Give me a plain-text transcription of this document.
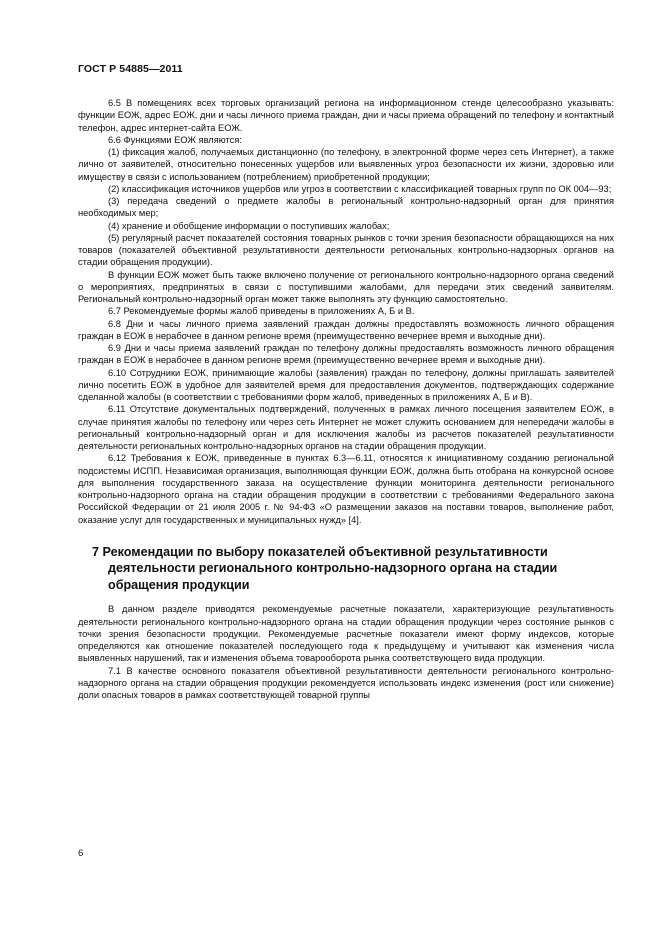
ГОСТ Р 54885—2011

6.5 В помещениях всех торговых организаций региона на информационном стенде целесообразно указывать: функции ЕОЖ, адрес ЕОЖ, дни и часы личного приема граждан, дни и часы приема обращений по телефону и контактный телефон, адрес интернет-сайта ЕОЖ.

6.6 Функциями ЕОЖ являются:

(1) фиксация жалоб, получаемых дистанционно (по телефону, в электронной форме через сеть Интернет), а также лично от заявителей, относительно понесенных ущербов или выявленных угроз безопасности их жизни, здоровью или имуществу в связи с использованием (потреблением) приобретенной продукции;

(2) классификация источников ущербов или угроз в соответствии с классификацией товарных групп по ОК 004—93;

(3) передача сведений о предмете жалобы в региональный контрольно-надзорный орган для принятия необходимых мер;

(4) хранение и обобщение информации о поступивших жалобах;

(5) регулярный расчет показателей состояния товарных рынков с точки зрения безопасности обращающихся на них товаров (показателей объективной результативности деятельности региональных контрольно-надзорных органов на стадии обращения продукции).

В функции ЕОЖ может быть также включено получение от регионального контрольно-надзорного органа сведений о мероприятиях, предпринятых в связи с поступившими жалобами, для передачи этих сведений заявителям. Региональный контрольно-надзорный орган может также выполнять эту функцию самостоятельно.

6.7 Рекомендуемые формы жалоб приведены в приложениях А, Б и В.

6.8 Дни и часы личного приема заявлений граждан должны предоставлять возможность личного обращения граждан в ЕОЖ в нерабочее в данном регионе время (преимущественно вечернее время и выходные дни).

6.9 Дни и часы приема заявлений граждан по телефону должны предоставлять возможность личного обращения граждан в ЕОЖ в нерабочее в данном регионе время (преимущественно вечернее время и выходные дни).

6.10 Сотрудники ЕОЖ, принимающие жалобы (заявления) граждан по телефону, должны приглашать заявителей лично посетить ЕОЖ в удобное для заявителей время для предоставления документов, подтверждающих содержание сделанной жалобы (в соответствии с требованиями форм жалоб, приведенных в приложениях А, Б и В).

6.11 Отсутствие документальных подтверждений, полученных в рамках личного посещения заявителем ЕОЖ, в случае принятия жалобы по телефону или через сеть Интернет не может служить основанием для непередачи жалобы в региональный контрольно-надзорный орган и для исключения жалобы из расчетов показателей результативности деятельности региональных контрольно-надзорных органов на стадии обращения продукции.

6.12 Требования к ЕОЖ, приведенные в пунктах 6.3—6.11, относятся к инициативному созданию региональной подсистемы ИСПП. Независимая организация, выполняющая функции ЕОЖ, должна быть отобрана на конкурсной основе для выполнения государственного заказа на осуществление функции мониторинга деятельности регионального контрольно-надзорного органа на стадии обращения продукции в соответствии с требованиями Федерального закона Российской Федерации от 21 июля 2005 г. № 94-ФЗ «О размещении заказов на поставки товаров, выполнение работ, оказание услуг для государственных и муниципальных нужд» [4].

7 Рекомендации по выбору показателей объективной результативности деятельности регионального контрольно-надзорного органа на стадии обращения продукции

В данном разделе приводятся рекомендуемые расчетные показатели, характеризующие результативность деятельности регионального контрольно-надзорного органа на стадии обращения продукции через состояние рынков с точки зрения безопасности продукции. Рекомендуемые расчетные показатели имеют форму индексов, которые определяются как отношение показателей последующего года к предыдущему и учитывают как изменения числа выявленных нарушений, так и изменения объема товарооборота рынка соответствующего вида продукции.

7.1 В качестве основного показателя объективной результативности деятельности регионального контрольно-надзорного органа на стадии обращения продукции рекомендуется использовать индекс изменения (рост или снижение) доли опасных товаров в рамках соответствующей товарной группы

6
